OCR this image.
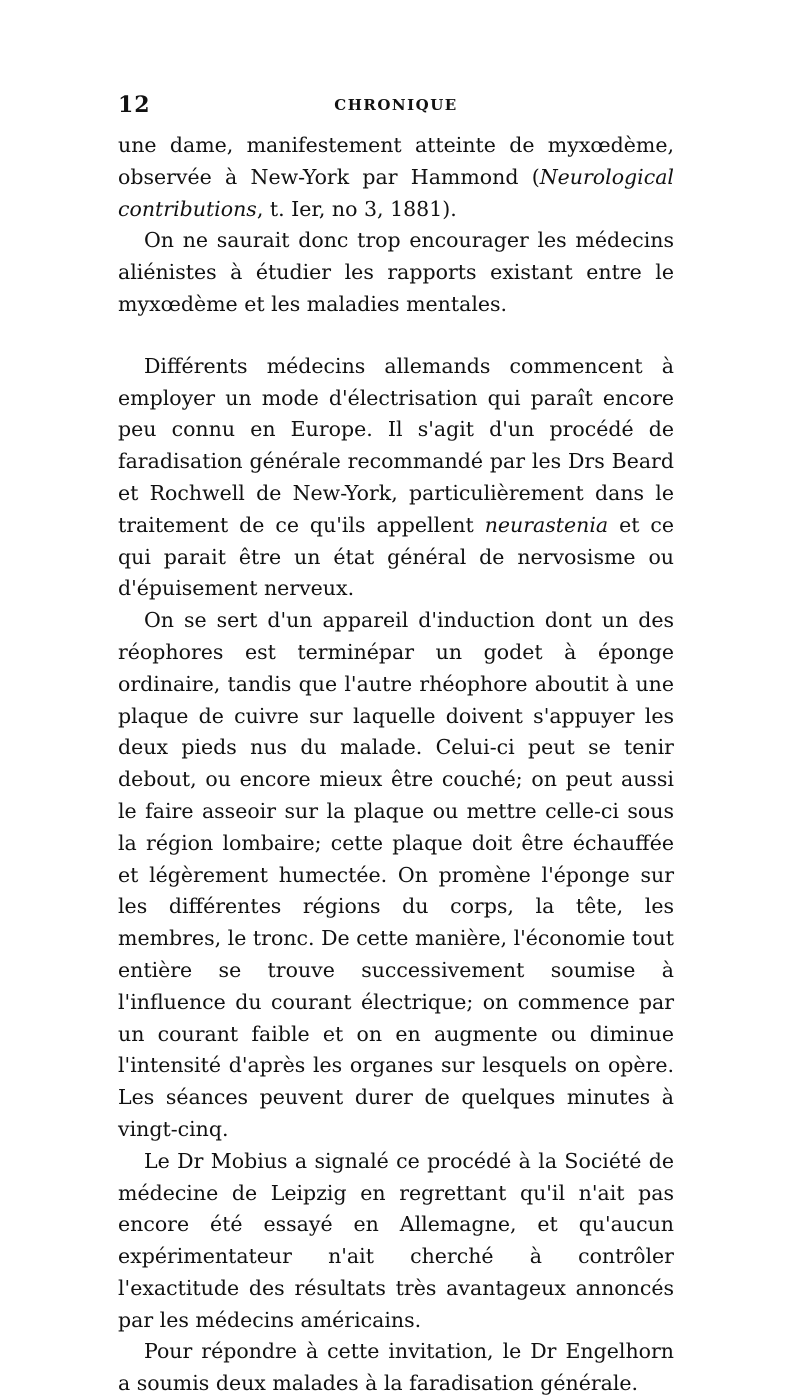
12	CHRONIQUE

une dame, manifestement atteinte de myxœdème, observée à New-York par Hammond (Neurological contributions, t. Ier, no 3, 1881).

On ne saurait donc trop encourager les médecins aliénistes à étudier les rapports existant entre le myxœdème et les maladies mentales.

Différents médecins allemands commencent à employer un mode d'électrisation qui paraît encore peu connu en Europe. Il s'agit d'un procédé de faradisation générale recommandé par les Drs Beard et Rochwell de New-York, particulièrement dans le traitement de ce qu'ils appellent neurastenia et ce qui parait être un état général de nervosisme ou d'épuisement nerveux.

On se sert d'un appareil d'induction dont un des réophores est terminépar un godet à éponge ordinaire, tandis que l'autre rhéophore aboutit à une plaque de cuivre sur laquelle doivent s'appuyer les deux pieds nus du malade. Celui-ci peut se tenir debout, ou encore mieux être couché; on peut aussi le faire asseoir sur la plaque ou mettre celle-ci sous la région lombaire; cette plaque doit être échauffée et légèrement humectée. On promène l'éponge sur les différentes régions du corps, la tête, les membres, le tronc. De cette manière, l'économie tout entière se trouve successivement soumise à l'influence du courant électrique; on commence par un courant faible et on en augmente ou diminue l'intensité d'après les organes sur lesquels on opère. Les séances peuvent durer de quelques minutes à vingt-cinq.

Le Dr Mobius a signalé ce procédé à la Société de médecine de Leipzig en regrettant qu'il n'ait pas encore été essayé en Allemagne, et qu'aucun expérimentateur n'ait cherché à contrôler l'exactitude des résultats très avantageux annoncés par les médecins américains.

Pour répondre à cette invitation, le Dr Engelhorn a soumis deux malades à la faradisation générale.
